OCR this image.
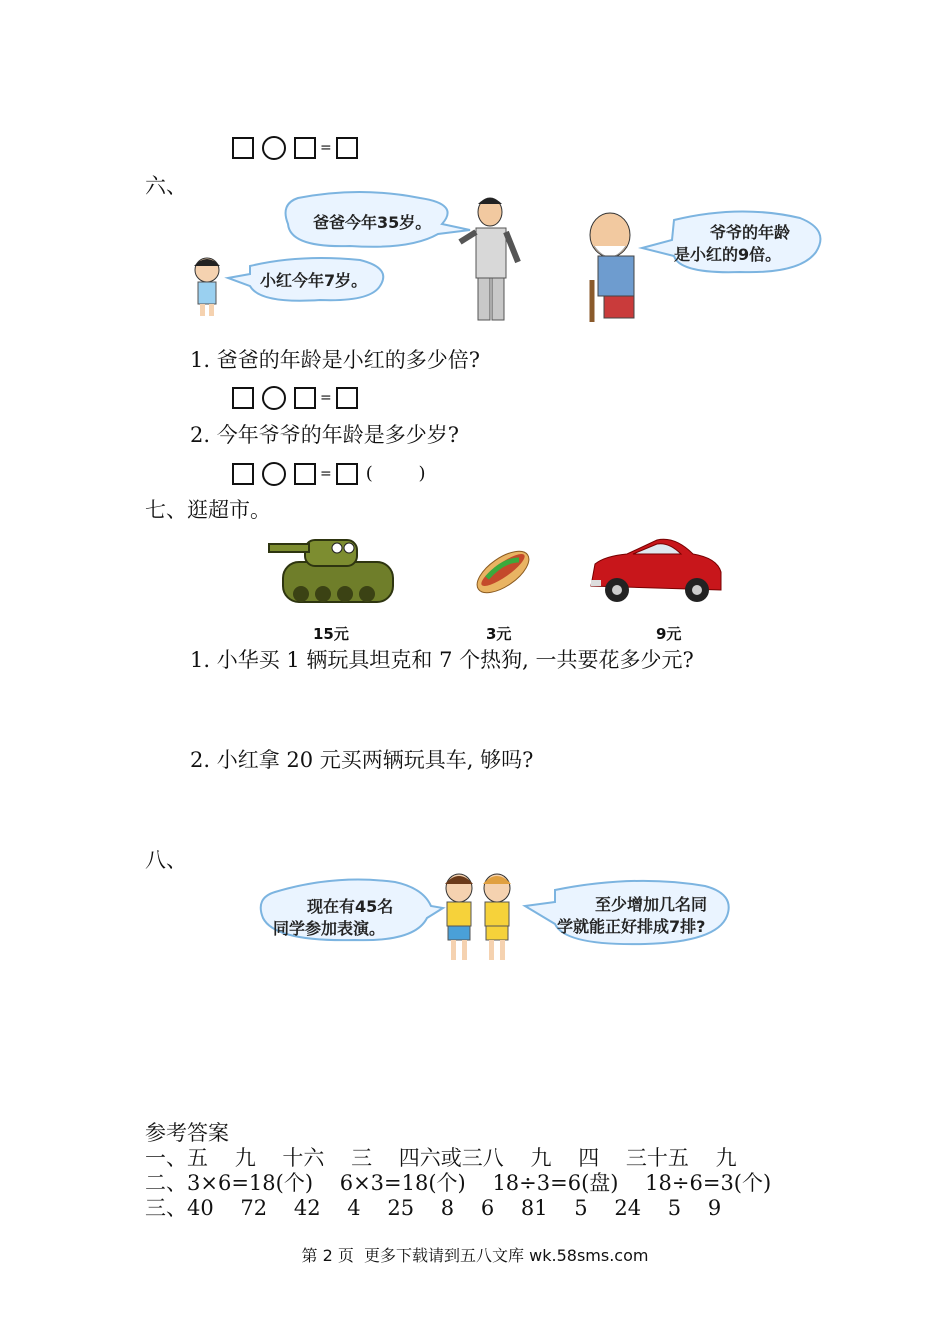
=
六、
爸爸今年35岁。
小红今年7岁。
爷爷的年龄
是小红的9倍。
1. 爸爸的年龄是小红的多少倍?
=
2. 今年爷爷的年龄是多少岁?
= (        )
七、逛超市。
15元	3元	9元
1. 小华买 1 辆玩具坦克和 7 个热狗, 一共要花多少元?
2. 小红拿 20 元买两辆玩具车, 够吗?
八、
现在有45名
同学参加表演。
至少增加几名同
学就能正好排成7排?
参考答案
一、五    九    十六    三    四六或三八    九    四    三十五    九
二、3×6=18(个)    6×3=18(个)    18÷3=6(盘)    18÷6=3(个)
三、40    72    42    4    25    8    6    81    5    24    5    9
第 2 页  更多下载请到五八文库 wk.58sms.com
